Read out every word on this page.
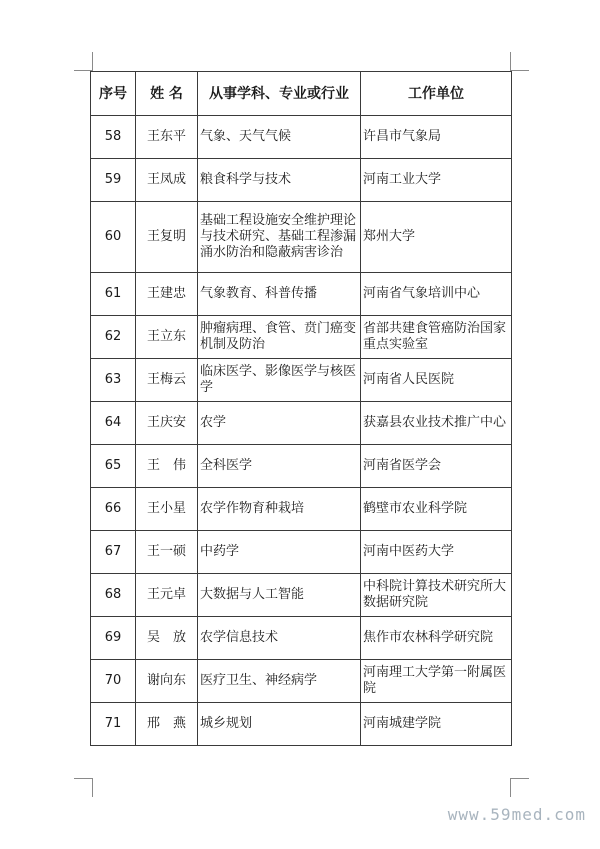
序号	姓 名	从事学科、专业或行业	工作单位
58	王东平	气象、天气气候	许昌市气象局
59	王凤成	粮食科学与技术	河南工业大学
60	王复明	基础工程设施安全维护理论与技术研究、基础工程渗漏涌水防治和隐蔽病害诊治	郑州大学
61	王建忠	气象教育、科普传播	河南省气象培训中心
62	王立东	肿瘤病理、食管、贲门癌变机制及防治	省部共建食管癌防治国家重点实验室
63	王梅云	临床医学、影像医学与核医学	河南省人民医院
64	王庆安	农学	获嘉县农业技术推广中心
65	王　伟	全科医学	河南省医学会
66	王小星	农学作物育种栽培	鹤壁市农业科学院
67	王一硕	中药学	河南中医药大学
68	王元卓	大数据与人工智能	中科院计算技术研究所大数据研究院
69	吴　放	农学信息技术	焦作市农林科学研究院
70	谢向东	医疗卫生、神经病学	河南理工大学第一附属医院
71	邢　燕	城乡规划	河南城建学院
www.59med.com
